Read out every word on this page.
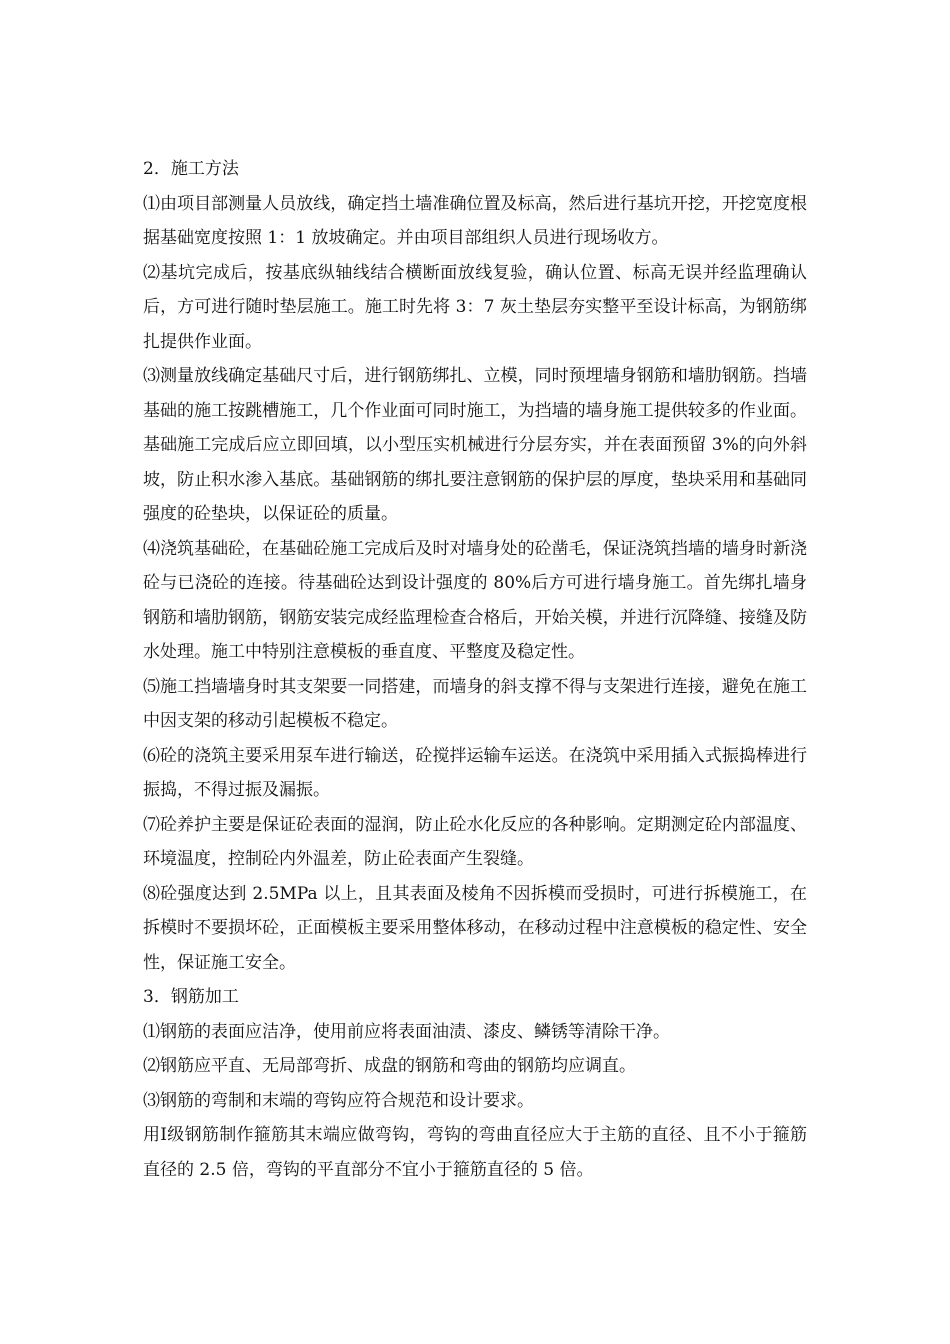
2．施工方法

⑴由项目部测量人员放线，确定挡土墙准确位置及标高，然后进行基坑开挖，开挖宽度根据基础宽度按照 1：1 放坡确定。并由项目部组织人员进行现场收方。

⑵基坑完成后，按基底纵轴线结合横断面放线复验，确认位置、标高无误并经监理确认后，方可进行随时垫层施工。施工时先将 3：7 灰土垫层夯实整平至设计标高，为钢筋绑扎提供作业面。

⑶测量放线确定基础尺寸后，进行钢筋绑扎、立模，同时预埋墙身钢筋和墙肋钢筋。挡墙基础的施工按跳槽施工，几个作业面可同时施工，为挡墙的墙身施工提供较多的作业面。基础施工完成后应立即回填，以小型压实机械进行分层夯实，并在表面预留 3%的向外斜坡，防止积水渗入基底。基础钢筋的绑扎要注意钢筋的保护层的厚度，垫块采用和基础同强度的砼垫块，以保证砼的质量。

⑷浇筑基础砼，在基础砼施工完成后及时对墙身处的砼凿毛，保证浇筑挡墙的墙身时新浇砼与已浇砼的连接。待基础砼达到设计强度的 80%后方可进行墙身施工。首先绑扎墙身钢筋和墙肋钢筋，钢筋安装完成经监理检查合格后，开始关模，并进行沉降缝、接缝及防水处理。施工中特别注意模板的垂直度、平整度及稳定性。

⑸施工挡墙墙身时其支架要一同搭建，而墙身的斜支撑不得与支架进行连接，避免在施工中因支架的移动引起模板不稳定。

⑹砼的浇筑主要采用泵车进行输送，砼搅拌运输车运送。在浇筑中采用插入式振捣棒进行振捣，不得过振及漏振。

⑺砼养护主要是保证砼表面的湿润，防止砼水化反应的各种影响。定期测定砼内部温度、环境温度，控制砼内外温差，防止砼表面产生裂缝。

⑻砼强度达到 2.5MPa 以上，且其表面及棱角不因拆模而受损时，可进行拆模施工，在拆模时不要损坏砼，正面模板主要采用整体移动，在移动过程中注意模板的稳定性、安全性，保证施工安全。

3．钢筋加工

⑴钢筋的表面应洁净，使用前应将表面油渍、漆皮、鳞锈等清除干净。

⑵钢筋应平直、无局部弯折、成盘的钢筋和弯曲的钢筋均应调直。

⑶钢筋的弯制和末端的弯钩应符合规范和设计要求。

用Ⅰ级钢筋制作箍筋其末端应做弯钩，弯钩的弯曲直径应大于主筋的直径、且不小于箍筋直径的 2.5 倍，弯钩的平直部分不宜小于箍筋直径的 5 倍。
